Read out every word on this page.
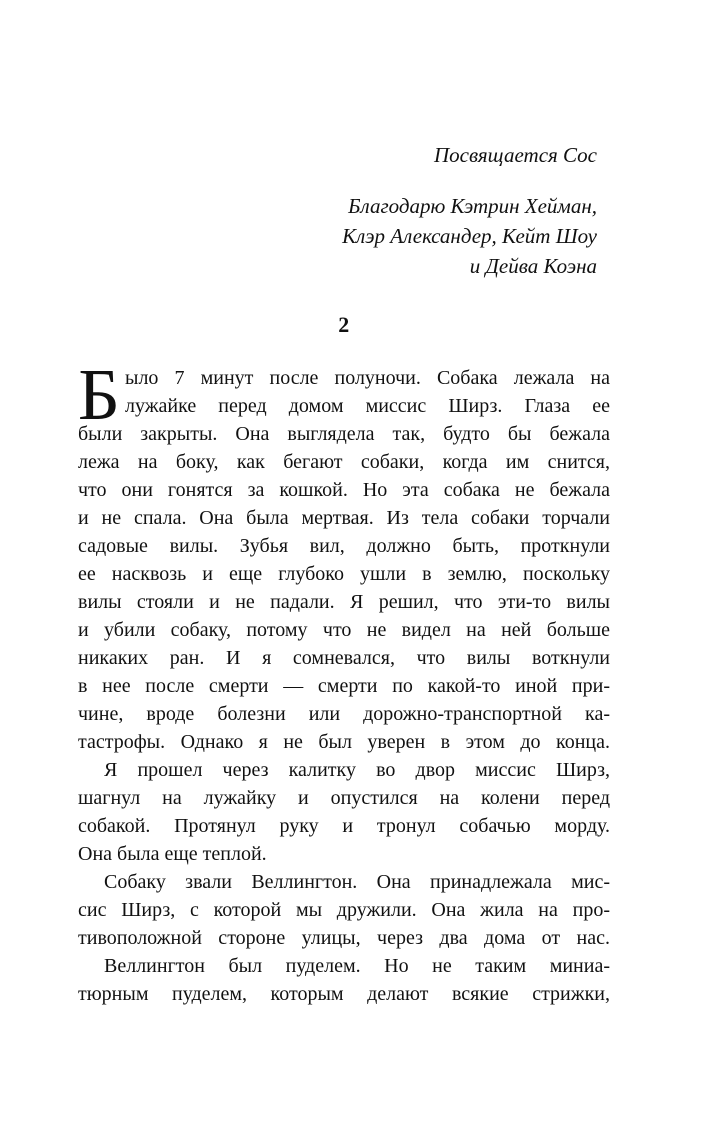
Посвящается Сос
Благодарю Кэтрин Хейман,
Клэр Александер, Кейт Шоу
и Дейва Коэна
2
Б ыло 7 минут после полуночи. Собака лежала на
лужайке перед домом миссис Ширз. Глаза ее
были закрыты. Она выглядела так, будто бы бежала
лежа на боку, как бегают собаки, когда им снится,
что они гонятся за кошкой. Но эта собака не бежала
и не спала. Она была мертвая. Из тела собаки торчали
садовые вилы. Зубья вил, должно быть, проткнули
ее насквозь и еще глубоко ушли в землю, поскольку
вилы стояли и не падали. Я решил, что эти-то вилы
и убили собаку, потому что не видел на ней больше
никаких ран. И я сомневался, что вилы воткнули
в нее после смерти — смерти по какой-то иной при-
чине, вроде болезни или дорожно-транспортной ка-
тастрофы. Однако я не был уверен в этом до конца.
Я прошел через калитку во двор миссис Ширз,
шагнул на лужайку и опустился на колени перед
собакой. Протянул руку и тронул собачью морду.
Она была еще теплой.
Собаку звали Веллингтон. Она принадлежала мис-
сис Ширз, с которой мы дружили. Она жила на про-
тивоположной стороне улицы, через два дома от нас.
Веллингтон был пуделем. Но не таким миниа-
тюрным пуделем, которым делают всякие стрижки,
